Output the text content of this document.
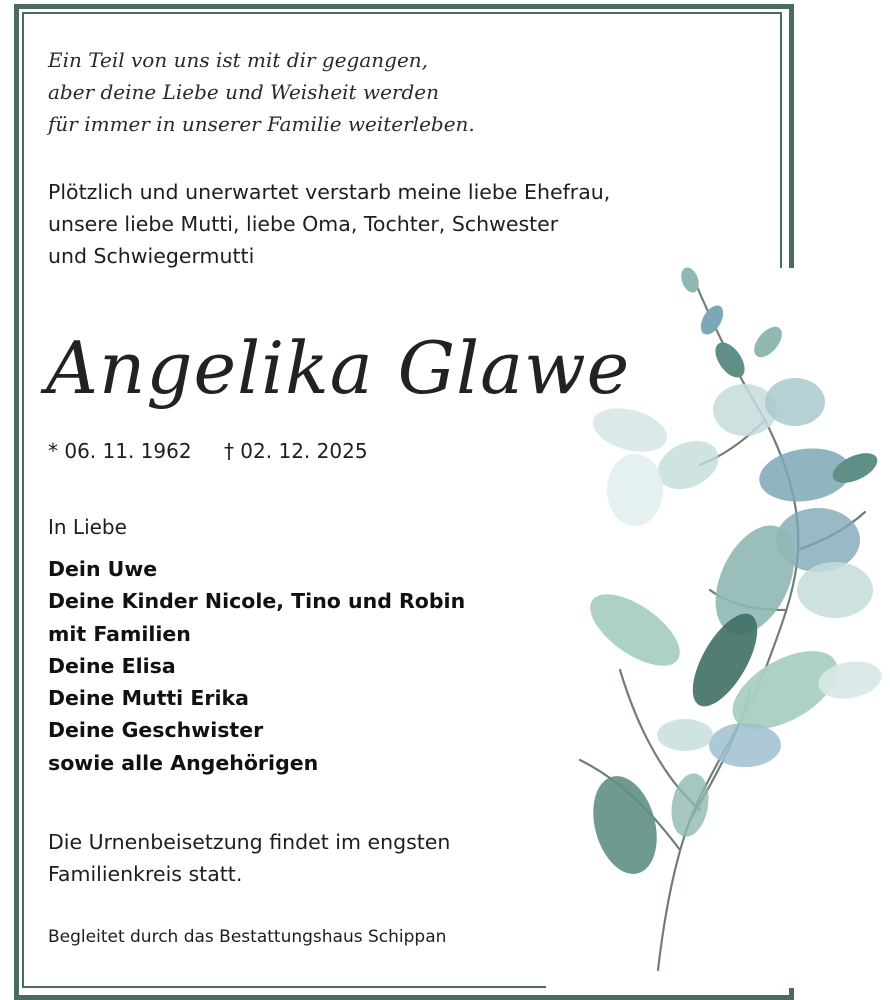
Ein Teil von uns ist mit dir gegangen,
aber deine Liebe und Weisheit werden
für immer in unserer Familie weiterleben.
Plötzlich und unerwartet verstarb meine liebe Ehefrau,
unsere liebe Mutti, liebe Oma, Tochter, Schwester
und Schwiegermutti
Angelika Glawe
* 06. 11. 1962 † 02. 12. 2025
In Liebe
Dein Uwe
Deine Kinder Nicole, Tino und Robin
mit Familien
Deine Elisa
Deine Mutti Erika
Deine Geschwister
sowie alle Angehörigen
Die Urnenbeisetzung findet im engsten
Familienkreis statt.
Begleitet durch das Bestattungshaus Schippan
